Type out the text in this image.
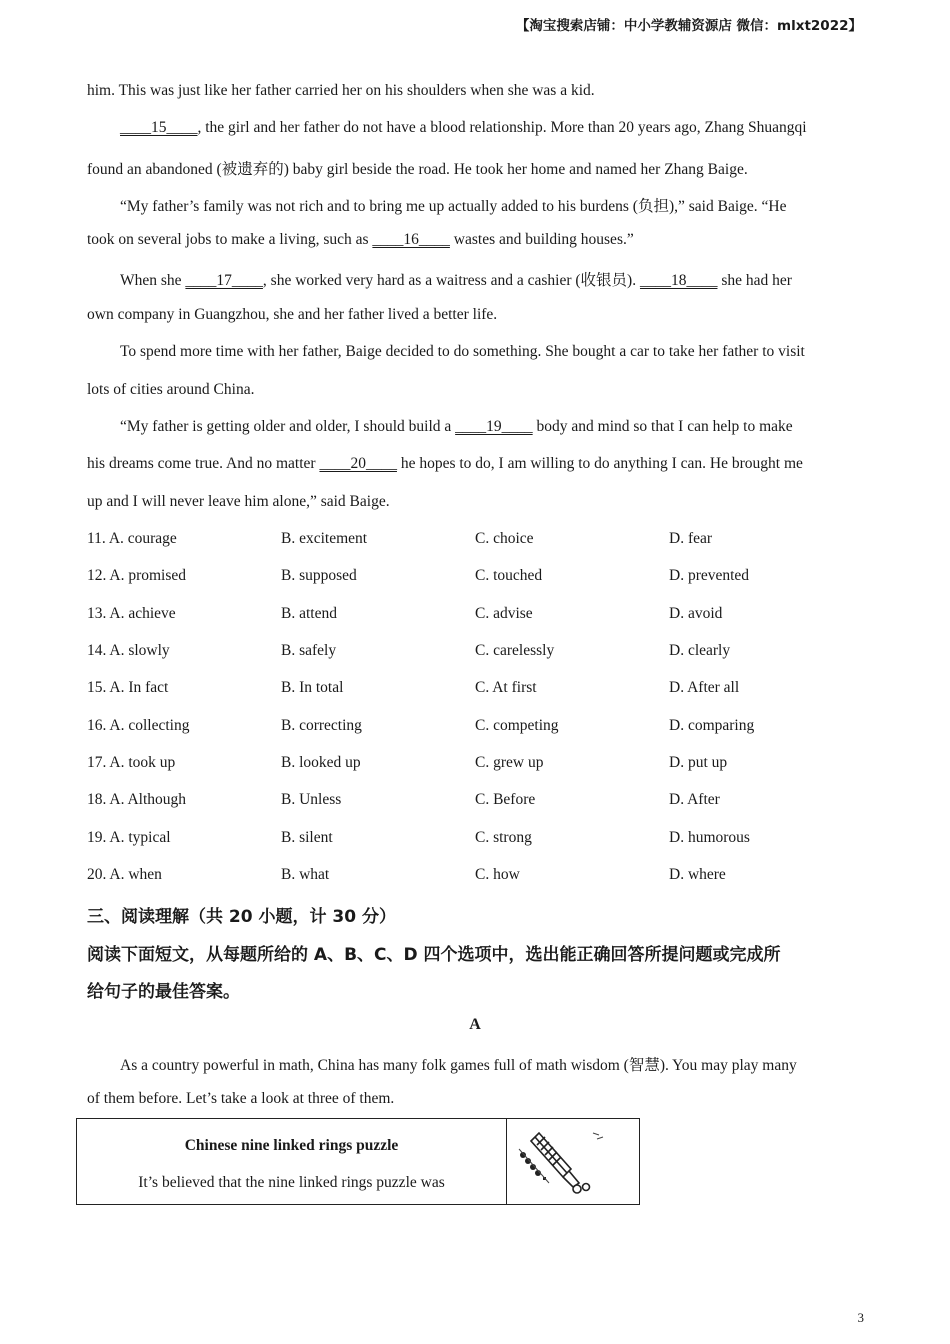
【淘宝搜索店铺：中小学教辅资源店 微信：mlxt2022】
him. This was just like her father carried her on his shoulders when she was a kid.
____15____, the girl and her father do not have a blood relationship. More than 20 years ago, Zhang Shuangqi
found an abandoned (被遗弃的) baby girl beside the road. He took her home and named her Zhang Baige.
“My father’s family was not rich and to bring me up actually added to his burdens (负担),” said Baige. “He
took on several jobs to make a living, such as ____16____ wastes and building houses.”
When she ____17____, she worked very hard as a waitress and a cashier (收银员). ____18____ she had her
own company in Guangzhou, she and her father lived a better life.
To spend more time with her father, Baige decided to do something. She bought a car to take her father to visit
lots of cities around China.
“My father is getting older and older, I should build a ____19____ body and mind so that I can help to make
his dreams come true. And no matter ____20____ he hopes to do, I am willing to do anything I can. He brought me
up and I will never leave him alone,” said Baige.
11. A. courage	B. excitement	C. choice	D. fear
12. A. promised	B. supposed	C. touched	D. prevented
13. A. achieve	B. attend	C. advise	D. avoid
14. A. slowly	B. safely	C. carelessly	D. clearly
15. A. In fact	B. In total	C. At first	D. After all
16. A. collecting	B. correcting	C. competing	D. comparing
17. A. took up	B. looked up	C. grew up	D. put up
18. A. Although	B. Unless	C. Before	D. After
19. A. typical	B. silent	C. strong	D. humorous
20. A. when	B. what	C. how	D. where
三、阅读理解（共 20 小题，计 30 分）
阅读下面短文，从每题所给的 A、B、C、D 四个选项中，选出能正确回答所提问题或完成所
给句子的最佳答案。
A
As a country powerful in math, China has many folk games full of math wisdom (智慧). You may play many
of them before. Let’s take a look at three of them.
Chinese nine linked rings puzzle
It’s believed that the nine linked rings puzzle was
3
